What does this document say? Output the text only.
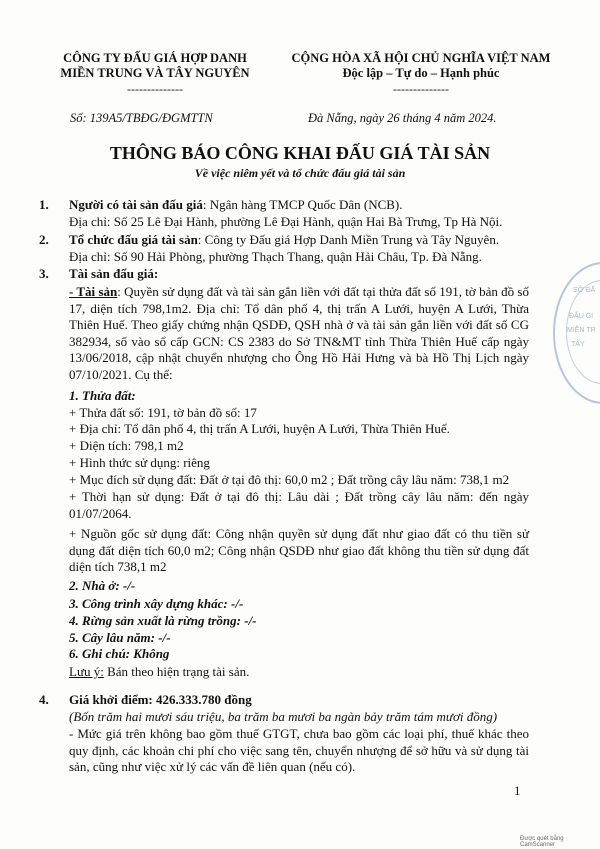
CÔNG TY ĐẤU GIÁ HỢP DANH
MIỀN TRUNG VÀ TÂY NGUYÊN
--------------
CỘNG HÒA XÃ HỘI CHỦ NGHĨA VIỆT NAM
Độc lập – Tự do – Hạnh phúc
--------------
Số: 139A5/TBĐG/ĐGMTTN	Đà Nẵng, ngày 26 tháng 4 năm 2024.
THÔNG BÁO CÔNG KHAI ĐẤU GIÁ TÀI SẢN
Về việc niêm yết và tổ chức đấu giá tài sản
1. Người có tài sản đấu giá: Ngân hàng TMCP Quốc Dân (NCB).
Địa chỉ: Số 25 Lê Đại Hành, phường Lê Đại Hành, quận Hai Bà Trưng, Tp Hà Nội.
2. Tổ chức đấu giá tài sản: Công ty Đấu giá Hợp Danh Miền Trung và Tây Nguyên.
Địa chỉ: Số 90 Hải Phòng, phường Thạch Thang, quận Hải Châu, Tp. Đà Nẵng.
3. Tài sản đấu giá:
- Tài sản: Quyền sử dụng đất và tài sản gắn liền với đất tại thửa đất số 191, tờ bản đồ số 17, diện tích 798,1m2. Địa chỉ: Tổ dân phố 4, thị trấn A Lưới, huyện A Lưới, Thừa Thiên Huế. Theo giấy chứng nhận QSDĐ, QSH nhà ở và tài sản gắn liền với đất số CG 382934, số vào sổ cấp GCN: CS 2383 do Sở TN&MT tỉnh Thừa Thiên Huế cấp ngày 13/06/2018, cập nhật chuyển nhượng cho Ông Hồ Hải Hưng và bà Hồ Thị Lịch ngày 07/10/2021. Cụ thể:
1. Thửa đất:
+ Thửa đất số: 191, tờ bản đồ số: 17
+ Địa chỉ: Tổ dân phố 4, thị trấn A Lưới, huyện A Lưới, Thừa Thiên Huế.
+ Diện tích: 798,1 m2
+ Hình thức sử dụng: riêng
+ Mục đích sử dụng đất: Đất ở tại đô thị: 60,0 m2 ; Đất trồng cây lâu năm: 738,1 m2
+ Thời hạn sử dụng: Đất ở tại đô thị: Lâu dài ; Đất trồng cây lâu năm: đến ngày 01/07/2064.
+ Nguồn gốc sử dụng đất: Công nhận quyền sử dụng đất như giao đất có thu tiền sử dụng đất diện tích 60,0 m2; Công nhận QSDĐ như giao đất không thu tiền sử dụng đất diện tích 738,1 m2
2. Nhà ở: -/-
3. Công trình xây dựng khác: -/-
4. Rừng sản xuất là rừng trồng: -/-
5. Cây lâu năm: -/-
6. Ghi chú: Không
Lưu ý: Bán theo hiện trạng tài sản.
4. Giá khởi điểm: 426.333.780 đồng
(Bốn trăm hai mươi sáu triệu, ba trăm ba mươi ba ngàn bảy trăm tám mươi đồng)
- Mức giá trên không bao gồm thuế GTGT, chưa bao gồm các loại phí, thuế khác theo quy định, các khoản chi phí cho việc sang tên, chuyển nhượng để sở hữu và sử dụng tài sản, cũng như việc xử lý các vấn đề liên quan (nếu có).
1
Được quét bằng CamScanner
SỞ ĐẤ
ĐẤU GI
MIỀN TR
TÂY
